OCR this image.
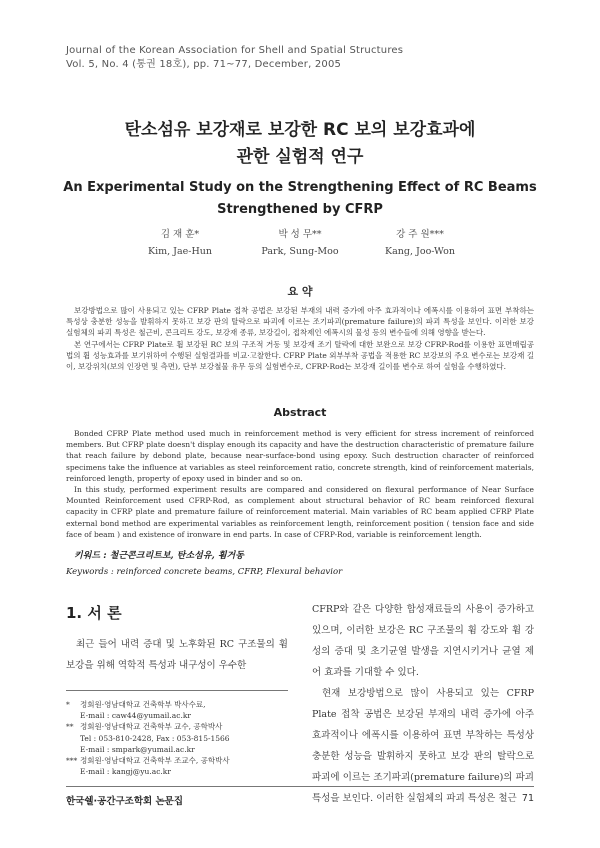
Journal of the Korean Association for Shell and Spatial Structures
Vol. 5, No. 4 (통권 18호), pp. 71~77, December, 2005
탄소섬유 보강재로 보강한 RC 보의 보강효과에
관한 실험적 연구
An Experimental Study on the Strengthening Effect of RC Beams
Strengthened by CFRP
김 재 훈*
Kim, Jae-Hun
박 성 무**
Park, Sung-Moo
강 주 원***
Kang, Joo-Won
요 약

보강방법으로 많이 사용되고 있는 CFRP Plate 접착 공법은 보강된 부재의 내력 증가에 아주 효과적이나 에폭시를 이용하여 표면 부착하는 특성상 충분한 성능을 발휘하지 못하고 보강 판의 탈락으로 파괴에 이르는 조기파괴(premature failure)의 파괴 특성을 보인다. 이러한 보강 실험체의 파괴 특성은 철근비, 콘크리트 강도, 보강재 종류, 보강길이, 접착제인 에폭시의 물성 등의 변수들에 의해 영향을 받는다.

본 연구에서는 CFRP Plate로 휨 보강된 RC 보의 구조적 거동 및 보강재 조기 탈락에 대한 보완으로 보강 CFRP-Rod를 이용한 표면매립공법의 휨 성능효과를 보기위하여 수행된 실험결과를 비교·고찰한다. CFRP Plate 외부부착 공법을 적용한 RC 보강보의 주요 변수로는 보강재 길이, 보강위치(보의 인장면 및 측면), 단부 보강철물 유무 등의 실험변수로, CFRP-Rod는 보강재 길이를 변수로 하여 실험을 수행하였다.

Abstract

Bonded CFRP Plate method used much in reinforcement method is very efficient for stress increment of reinforced members. But CFRP plate doesn't display enough its capacity and have the destruction characteristic of premature failure that reach failure by debond plate, because near-surface-bond using epoxy. Such destruction character of reinforced specimens take the influence at variables as steel reinforcement ratio, concrete strength, kind of reinforcement materials, reinforced length, property of epoxy used in binder and so on.

In this study, performed experiment results are compared and considered on flexural performance of Near Surface Mounted Reinforcement used CFRP-Rod, as complement about structural behavior of RC beam reinforced flexural capacity in CFRP plate and premature failure of reinforcement material. Main variables of RC beam applied CFRP Plate external bond method are experimental variables as reinforcement length, reinforcement position ( tension face and side face of beam ) and existence of ironware in end parts. In case of CFRP-Rod, variable is reinforcement length.

키워드 : 철근콘크리트보, 탄소섬유, 휨거동
Keywords : reinforced concrete beams, CFRP, Flexural behavior
1. 서 론

최근 들어 내력 증대 및 노후화된 RC 구조물의 휨 보강을 위해 역학적 특성과 내구성이 우수한

*	정회원·영남대학교 건축학부 박사수료,
E-mail : caw44@yumail.ac.kr
** 정회원·영남대학교 건축학부 교수, 공학박사
Tel : 053-810-2428, Fax : 053-815-1566
E-mail : smpark@yumail.ac.kr
*** 정회원·영남대학교 건축학부 조교수, 공학박사
E-mail : kangj@yu.ac.kr

CFRP와 같은 다양한 합성재료들의 사용이 증가하고 있으며, 이러한 보강은 RC 구조물의 휨 강도와 휨 강성의 증대 및 초기균열 발생을 지연시키거나 균열 제어 효과를 기대할 수 있다.

현재 보강방법으로 많이 사용되고 있는 CFRP Plate 접착 공법은 보강된 부재의 내력 증가에 아주 효과적이나 에폭시를 이용하여 표면 부착하는 특성상 충분한 성능을 발휘하지 못하고 보강 판의 탈락으로 파괴에 이르는 조기파괴(premature failure)의 파괴특성을 보인다. 이러한 실험체의 파괴 특성은 철근

한국쉘·공간구조학회 논문집	71
